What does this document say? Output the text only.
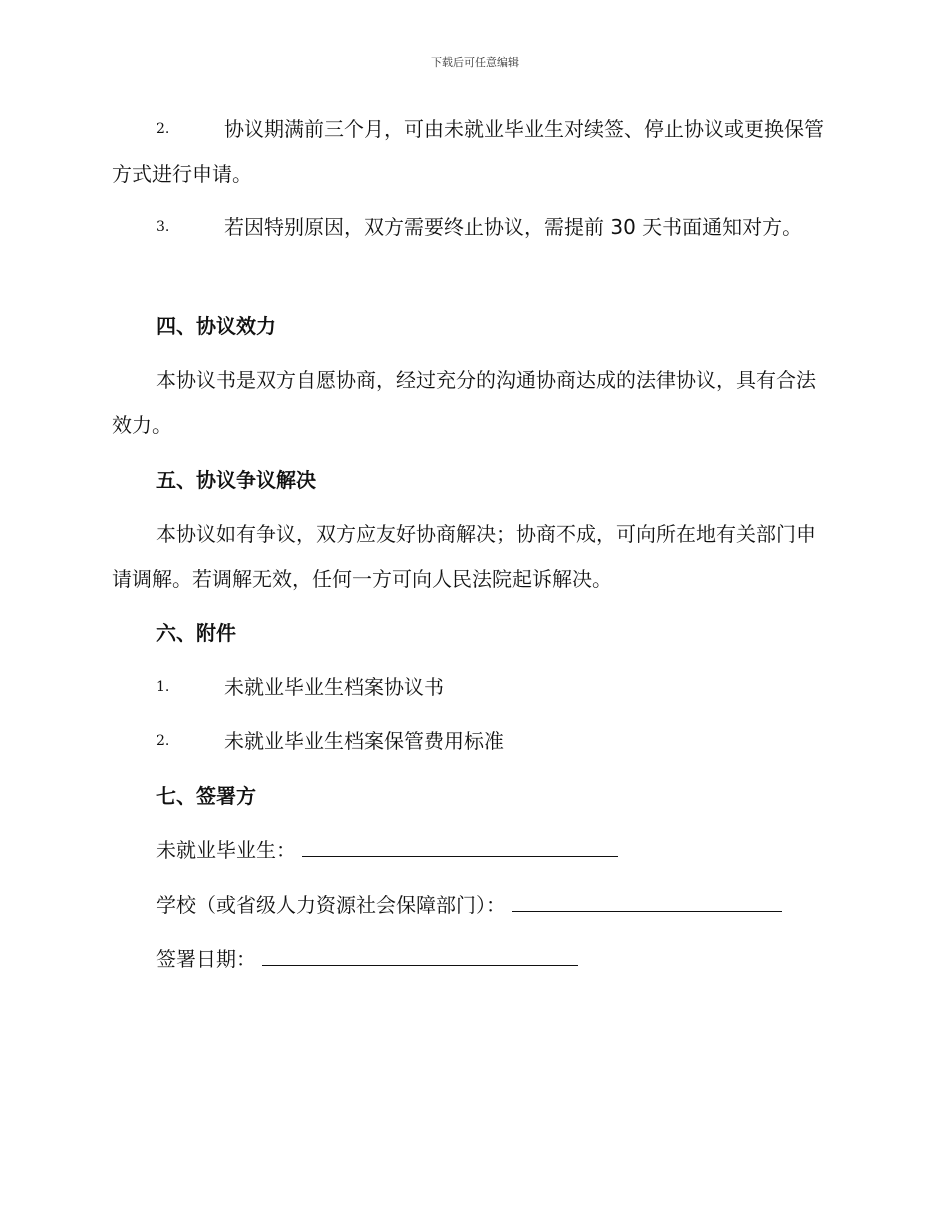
下载后可任意编辑
2.	协议期满前三个月，可由未就业毕业生对续签、停止协议或更换保管方式进行申请。
3.	若因特别原因，双方需要终止协议，需提前 30 天书面通知对方。
四、协议效力
本协议书是双方自愿协商，经过充分的沟通协商达成的法律协议，具有合法效力。
五、协议争议解决
本协议如有争议，双方应友好协商解决；协商不成，可向所在地有关部门申请调解。若调解无效，任何一方可向人民法院起诉解决。
六、附件
1.	未就业毕业生档案协议书
2.	未就业毕业生档案保管费用标准
七、签署方
未就业毕业生：
学校（或省级人力资源社会保障部门）：
签署日期：
